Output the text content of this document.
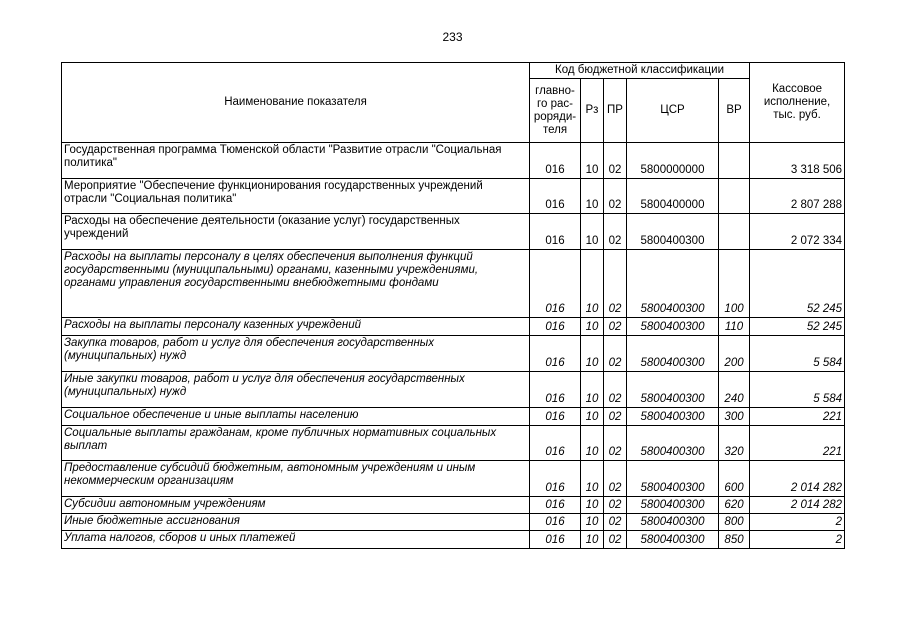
233
Наименование показателя	Код бюджетной классификации					Кассовое исполнение, тыс. руб.
	главно-
го рас-
pоряди-
теля	Рз	ПР	ЦСР	ВР	
Государственная программа Тюменской области "Развитие отрасли "Социальная политика"	016	10	02	5800000000		3 318 506
Мероприятие "Обеспечение функционирования государственных учреждений отрасли "Социальная политика"	016	10	02	5800400000		2 807 288
Расходы на обеспечение деятельности (оказание услуг) государственных учреждений	016	10	02	5800400300		2 072 334
Расходы на выплаты персоналу в целях обеспечения выполнения функций государственными (муниципальными) органами, казенными учреждениями, органами управления государственными внебюджетными фондами	016	10	02	5800400300	100	52 245
Расходы на выплаты персоналу казенных учреждений	016	10	02	5800400300	110	52 245
Закупка товаров, работ и услуг для обеспечения государственных (муниципальных) нужд	016	10	02	5800400300	200	5 584
Иные закупки товаров, работ и услуг для обеспечения государственных (муниципальных) нужд	016	10	02	5800400300	240	5 584
Социальное обеспечение и иные выплаты населению	016	10	02	5800400300	300	221
Социальные выплаты гражданам, кроме публичных нормативных социальных выплат	016	10	02	5800400300	320	221
Предоставление субсидий бюджетным, автономным учреждениям и иным некоммерческим организациям	016	10	02	5800400300	600	2 014 282
Субсидии автономным учреждениям	016	10	02	5800400300	620	2 014 282
Иные бюджетные ассигнования	016	10	02	5800400300	800	2
Уплата налогов, сборов и иных платежей	016	10	02	5800400300	850	2
